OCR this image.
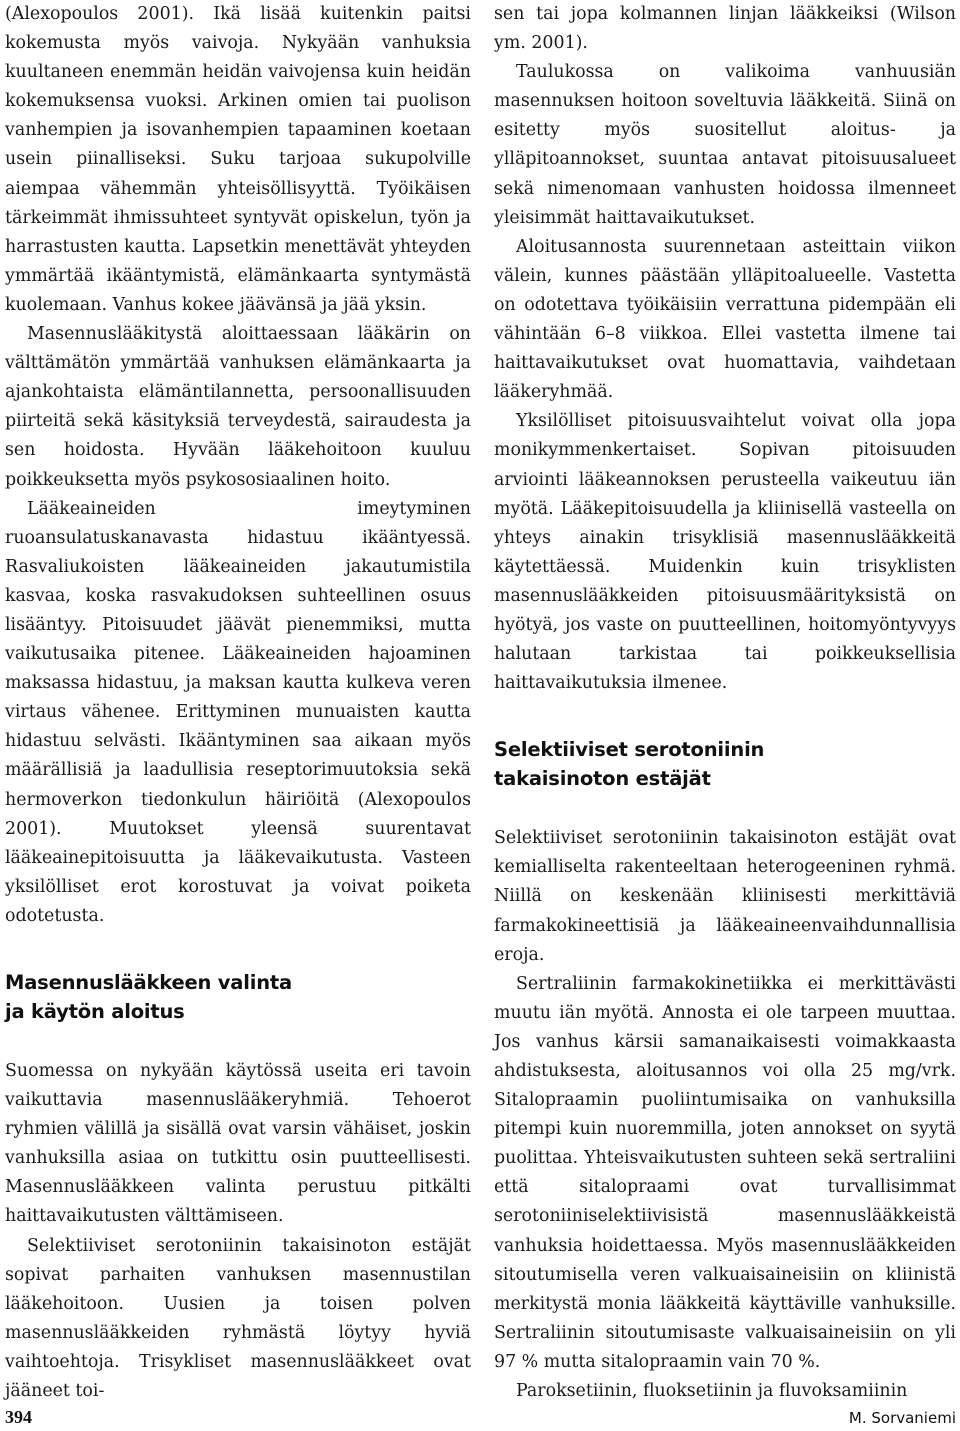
(Alexopoulos 2001). Ikä lisää kuitenkin paitsi kokemusta myös vaivoja. Nykyään vanhuksia kuultaneen enemmän heidän vaivojensa kuin heidän kokemuksensa vuoksi. Arkinen omien tai puolison vanhempien ja isovanhempien tapaaminen koetaan usein piinalliseksi. Suku tarjoaa sukupolville aiempaa vähemmän yhteisöllisyyttä. Työikäisen tärkeimmät ihmissuhteet syntyvät opiskelun, työn ja harrastusten kautta. Lapsetkin menettävät yhteyden ymmärtää ikääntymistä, elämänkaarta syntymästä kuolemaan. Vanhus kokee jäävänsä ja jää yksin.

Masennuslääkitystä aloittaessaan lääkärin on välttämätön ymmärtää vanhuksen elämänkaarta ja ajankohtaista elämäntilannetta, persoonallisuuden piirteitä sekä käsityksiä terveydestä, sairaudesta ja sen hoidosta. Hyvään lääkehoitoon kuuluu poikkeuksetta myös psykososiaalinen hoito.

Lääkeaineiden imeytyminen ruoansulatuskanavasta hidastuu ikääntyessä. Rasvaliukoisten lääkeaineiden jakautumistila kasvaa, koska rasvakudoksen suhteellinen osuus lisääntyy. Pitoisuudet jäävät pienemmiksi, mutta vaikutusaika pitenee. Lääkeaineiden hajoaminen maksassa hidastuu, ja maksan kautta kulkeva veren virtaus vähenee. Erittyminen munuaisten kautta hidastuu selvästi. Ikääntyminen saa aikaan myös määrällisiä ja laadullisia reseptorimuutoksia sekä hermoverkon tiedonkulun häiriöitä (Alexopoulos 2001). Muutokset yleensä suurentavat lääkeainepitoisuutta ja lääkevaikutusta. Vasteen yksilölliset erot korostuvat ja voivat poiketa odotetusta.

Masennuslääkkeen valinta
ja käytön aloitus

Suomessa on nykyään käytössä useita eri tavoin vaikuttavia masennuslääkeryhmiä. Tehoerot ryhmien välillä ja sisällä ovat varsin vähäiset, joskin vanhuksilla asiaa on tutkittu osin puutteellisesti. Masennuslääkkeen valinta perustuu pitkälti haittavaikutusten välttämiseen.

Selektiiviset serotoniinin takaisinoton estäjät sopivat parhaiten vanhuksen masennustilan lääkehoitoon. Uusien ja toisen polven masennuslääkkeiden ryhmästä löytyy hyviä vaihtoehtoja. Trisykliset masennuslääkkeet ovat jääneet toi-

sen tai jopa kolmannen linjan lääkkeiksi (Wilson ym. 2001).

Taulukossa on valikoima vanhuusiän masennuksen hoitoon soveltuvia lääkkeitä. Siinä on esitetty myös suositellut aloitus- ja ylläpitoannokset, suuntaa antavat pitoisuusalueet sekä nimenomaan vanhusten hoidossa ilmenneet yleisimmät haittavaikutukset.

Aloitusannosta suurennetaan asteittain viikon välein, kunnes päästään ylläpitoalueelle. Vastetta on odotettava työikäisiin verrattuna pidempään eli vähintään 6–8 viikkoa. Ellei vastetta ilmene tai haittavaikutukset ovat huomattavia, vaihdetaan lääkeryhmää.

Yksilölliset pitoisuusvaihtelut voivat olla jopa monikymmenkertaiset. Sopivan pitoisuuden arviointi lääkeannoksen perusteella vaikeutuu iän myötä. Lääkepitoisuudella ja kliinisellä vasteella on yhteys ainakin trisyklisiä masennuslääkkeitä käytettäessä. Muidenkin kuin trisyklisten masennuslääkkeiden pitoisuusmäärityksistä on hyötyä, jos vaste on puutteellinen, hoitomyöntyvyys halutaan tarkistaa tai poikkeuksellisia haittavaikutuksia ilmenee.

Selektiiviset serotoniinin
takaisinoton estäjät

Selektiiviset serotoniinin takaisinoton estäjät ovat kemialliselta rakenteeltaan heterogeeninen ryhmä. Niillä on keskenään kliinisesti merkittäviä farmakokineettisiä ja lääkeaineenvaihdunnallisia eroja.

Sertraliinin farmakokinetiikka ei merkittävästi muutu iän myötä. Annosta ei ole tarpeen muuttaa. Jos vanhus kärsii samanaikaisesti voimakkaasta ahdistuksesta, aloitusannos voi olla 25 mg/vrk. Sitalopraamin puoliintumisaika on vanhuksilla pitempi kuin nuoremmilla, joten annokset on syytä puolittaa. Yhteisvaikutusten suhteen sekä sertraliini että sitalopraami ovat turvallisimmat serotoniiniselektiivisistä masennuslääkkeistä vanhuksia hoidettaessa. Myös masennuslääkkeiden sitoutumisella veren valkuaisaineisiin on kliinistä merkitystä monia lääkkeitä käyttäville vanhuksille. Sertraliinin sitoutumisaste valkuaisaineisiin on yli 97 % mutta sitalopraamin vain 70 %.

Paroksetiinin, fluoksetiinin ja fluvoksamiinin

394	M. Sorvaniemi
